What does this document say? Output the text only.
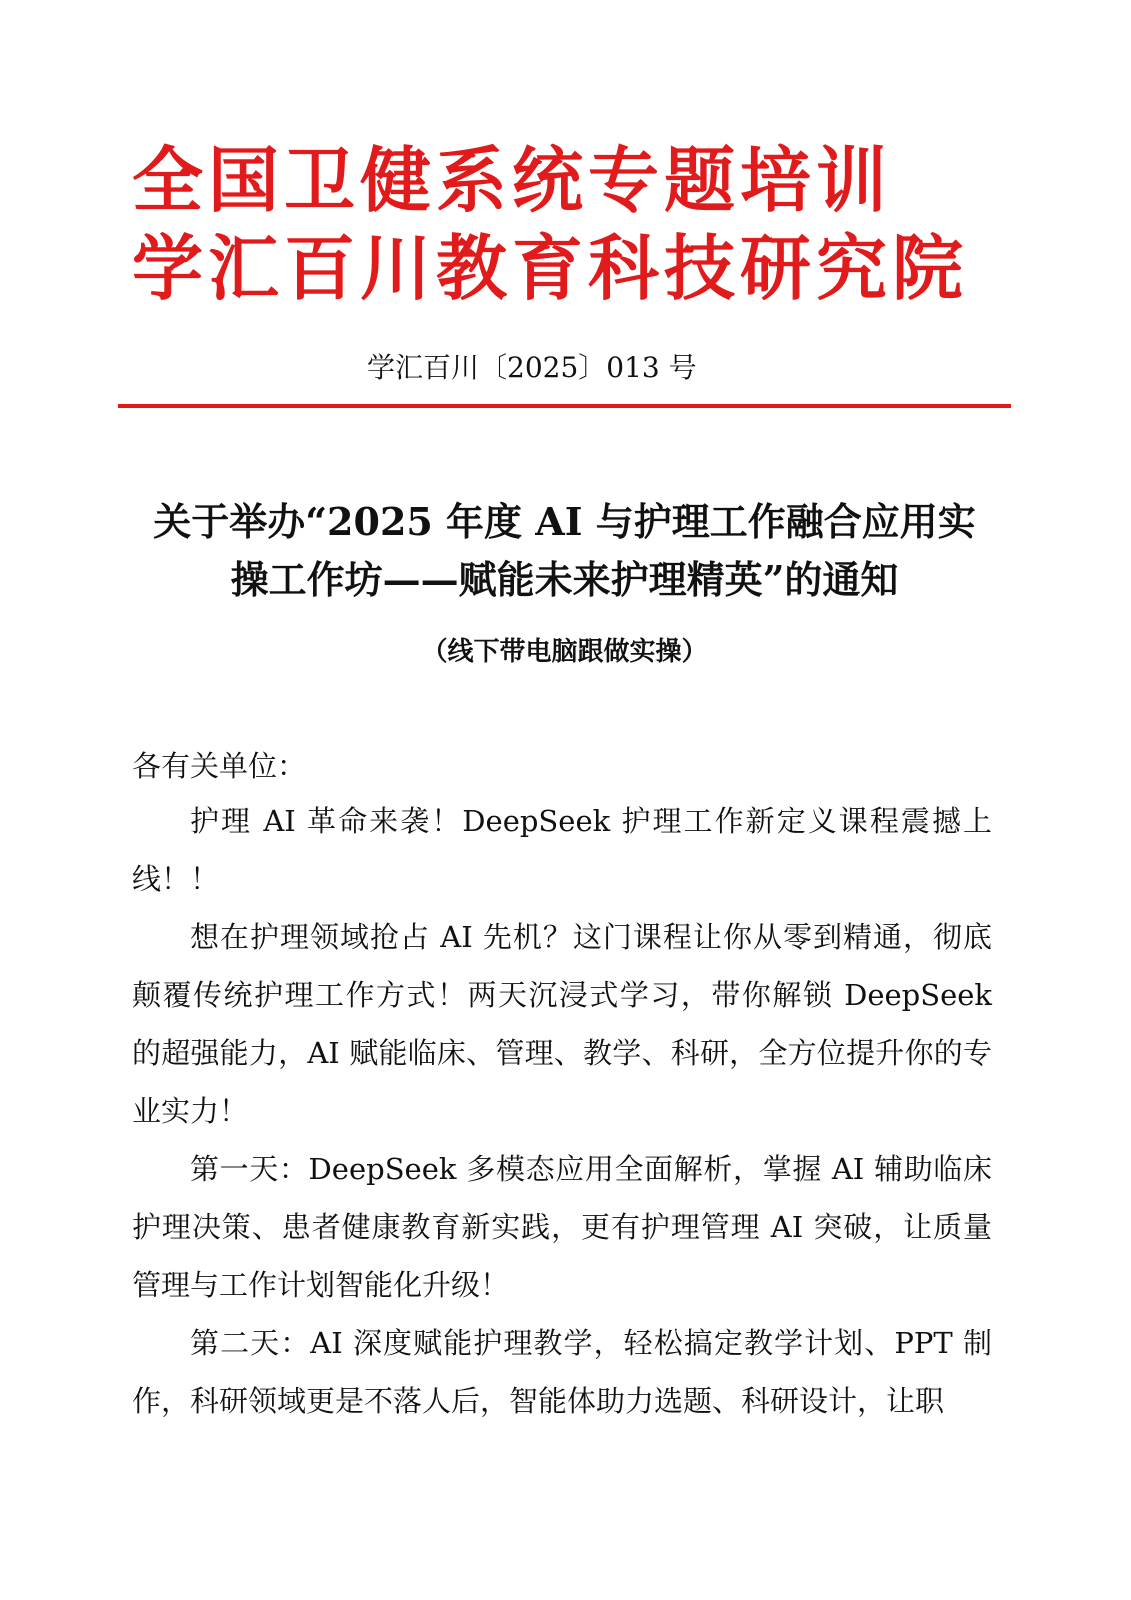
全国卫健系统专题培训
学汇百川教育科技研究院
学汇百川〔2025〕013 号
关于举办“2025 年度 AI 与护理工作融合应用实
操工作坊——赋能未来护理精英”的通知
（线下带电脑跟做实操）
各有关单位：

护理 AI 革命来袭！DeepSeek 护理工作新定义课程震撼上线！！

想在护理领域抢占 AI 先机？这门课程让你从零到精通，彻底颠覆传统护理工作方式！两天沉浸式学习，带你解锁 DeepSeek 的超强能力，AI 赋能临床、管理、教学、科研，全方位提升你的专业实力！

第一天：DeepSeek 多模态应用全面解析，掌握 AI 辅助临床护理决策、患者健康教育新实践，更有护理管理 AI 突破，让质量管理与工作计划智能化升级！

第二天：AI 深度赋能护理教学，轻松搞定教学计划、PPT 制作，科研领域更是不落人后，智能体助力选题、科研设计，让职
